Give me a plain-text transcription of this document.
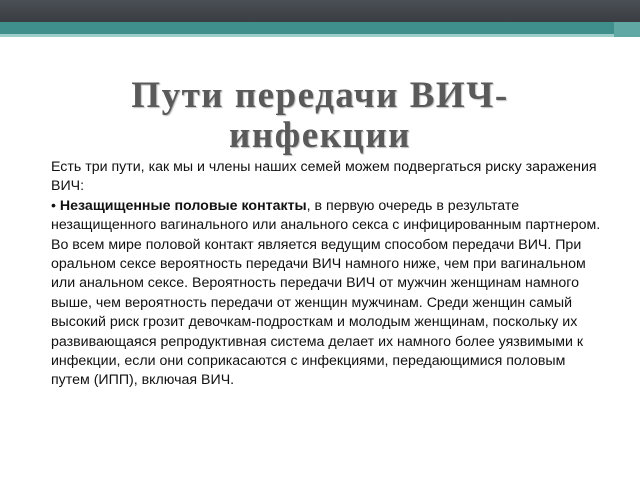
Пути передачи ВИЧ-инфекции

Есть три пути, как мы и члены наших семей можем подвергаться риску заражения ВИЧ:

• Незащищенные половые контакты, в первую очередь в результате незащищенного вагинального или анального секса с инфицированным партнером. Во всем мире половой контакт является ведущим способом передачи ВИЧ. При оральном сексе вероятность передачи ВИЧ намного ниже, чем при вагинальном или анальном сексе. Вероятность передачи ВИЧ от мужчин женщинам намного выше, чем вероятность передачи от женщин мужчинам. Среди женщин самый высокий риск грозит девочкам-подросткам и молодым женщинам, поскольку их развивающаяся репродуктивная система делает их намного более уязвимыми к инфекции, если они соприкасаются с инфекциями, передающимися половым путем (ИПП), включая ВИЧ.
